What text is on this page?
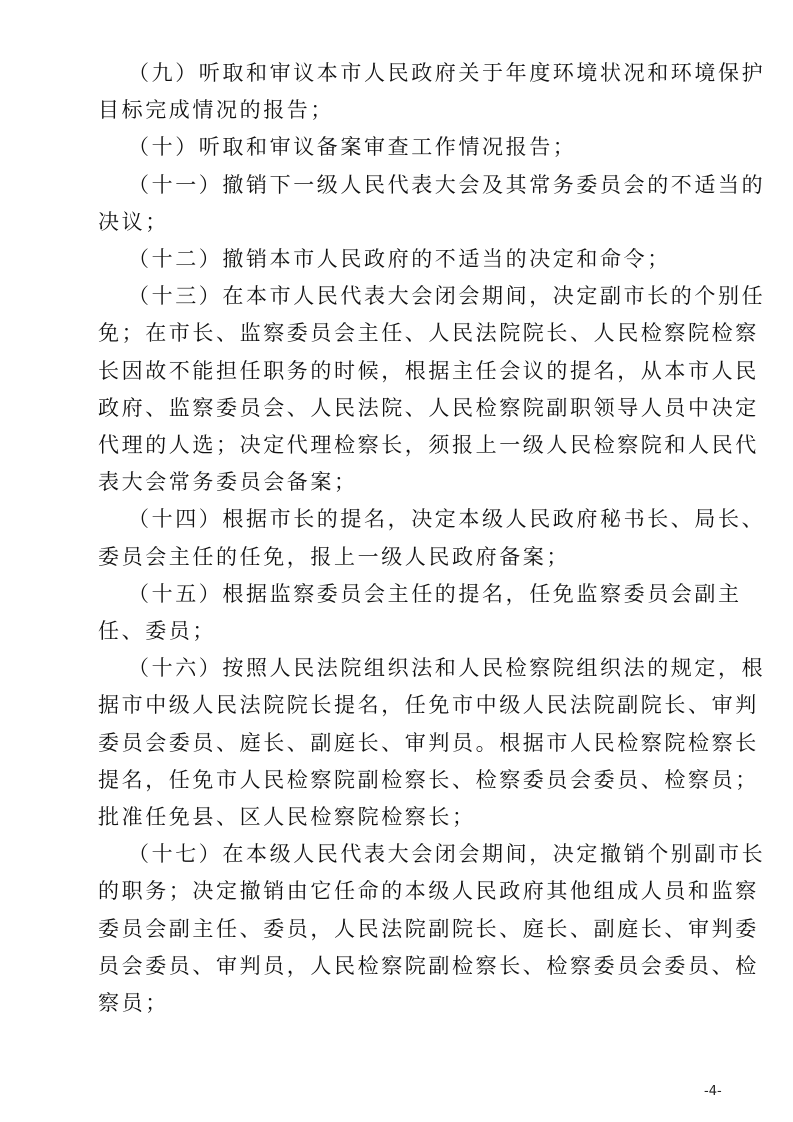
（九）听取和审议本市人民政府关于年度环境状况和环境保护
目标完成情况的报告；

（十）听取和审议备案审查工作情况报告；

（十一）撤销下一级人民代表大会及其常务委员会的不适当的
决议；

（十二）撤销本市人民政府的不适当的决定和命令；

（十三）在本市人民代表大会闭会期间，决定副市长的个别任
免；在市长、监察委员会主任、人民法院院长、人民检察院检察
长因故不能担任职务的时候，根据主任会议的提名，从本市人民
政府、监察委员会、人民法院、人民检察院副职领导人员中决定
代理的人选；决定代理检察长，须报上一级人民检察院和人民代
表大会常务委员会备案；

（十四）根据市长的提名，决定本级人民政府秘书长、局长、
委员会主任的任免，报上一级人民政府备案；

（十五）根据监察委员会主任的提名，任免监察委员会副主
任、委员；

（十六）按照人民法院组织法和人民检察院组织法的规定，根
据市中级人民法院院长提名，任免市中级人民法院副院长、审判
委员会委员、庭长、副庭长、审判员。根据市人民检察院检察长
提名，任免市人民检察院副检察长、检察委员会委员、检察员；
批准任免县、区人民检察院检察长；

（十七）在本级人民代表大会闭会期间，决定撤销个别副市长
的职务；决定撤销由它任命的本级人民政府其他组成人员和监察
委员会副主任、委员，人民法院副院长、庭长、副庭长、审判委
员会委员、审判员，人民检察院副检察长、检察委员会委员、检
察员；

-4-
